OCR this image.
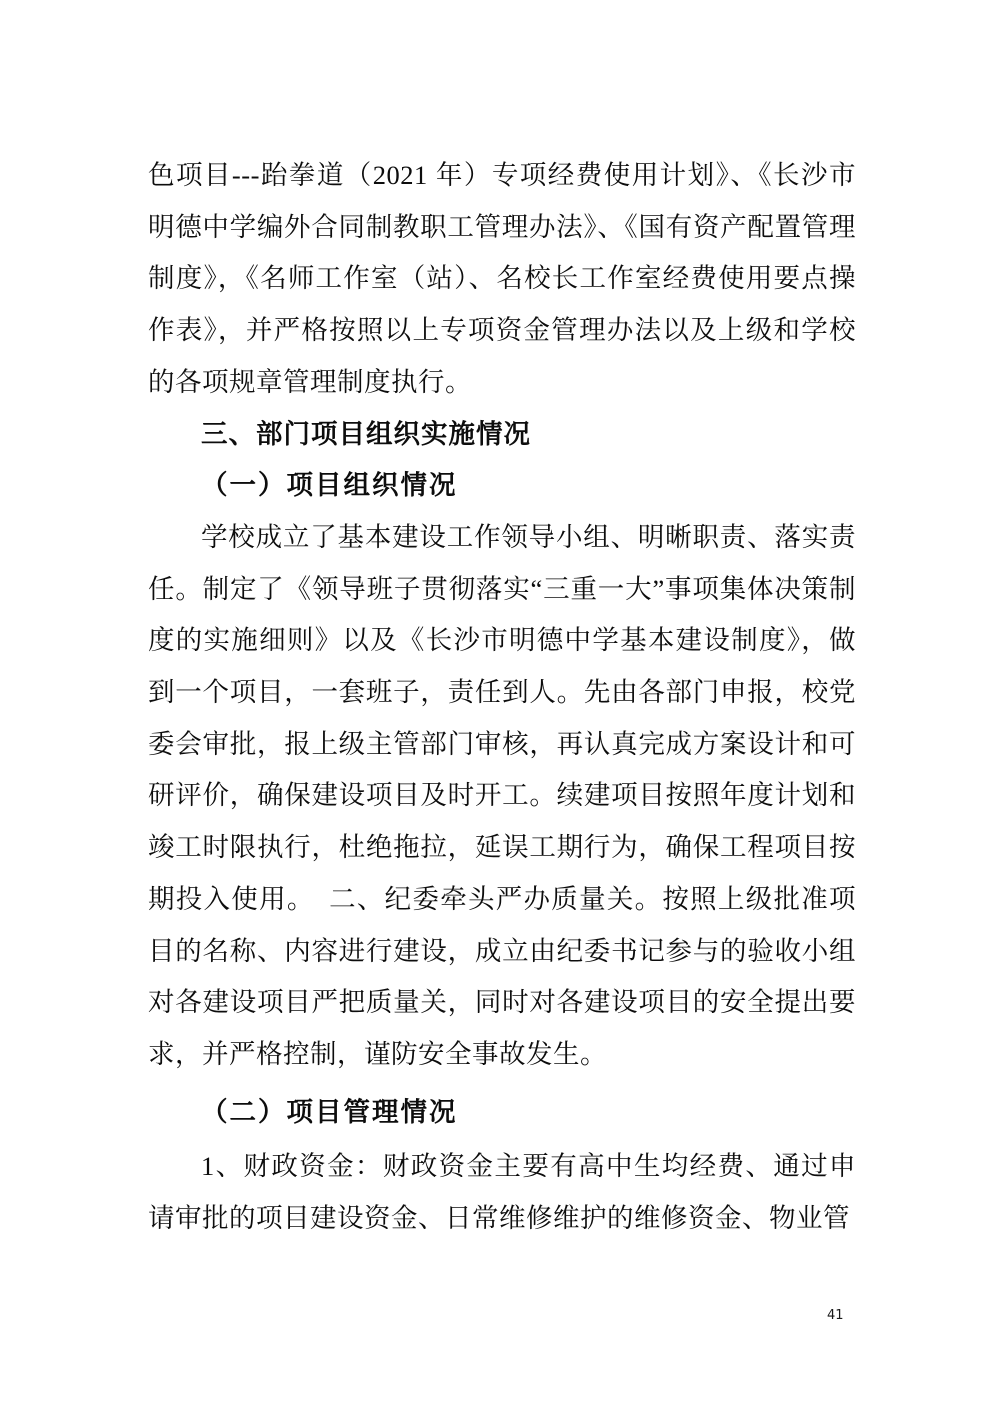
色项目---跆拳道（2021 年）专项经费使用计划》、《长沙市明德中学编外合同制教职工管理办法》、《国有资产配置管理制度》，《名师工作室（站）、名校长工作室经费使用要点操作表》，并严格按照以上专项资金管理办法以及上级和学校的各项规章管理制度执行。

三、部门项目组织实施情况
（一）项目组织情况

学校成立了基本建设工作领导小组、明晰职责、落实责任。制定了《领导班子贯彻落实“三重一大”事项集体决策制度的实施细则》以及《长沙市明德中学基本建设制度》，做到一个项目，一套班子，责任到人。先由各部门申报，校党委会审批，报上级主管部门审核，再认真完成方案设计和可研评价，确保建设项目及时开工。续建项目按照年度计划和竣工时限执行，杜绝拖拉，延误工期行为，确保工程项目按期投入使用。　二、纪委牵头严办质量关。按照上级批准项目的名称、内容进行建设，成立由纪委书记参与的验收小组对各建设项目严把质量关，同时对各建设项目的安全提出要求，并严格控制，谨防安全事故发生。

（二）项目管理情况

1、财政资金：财政资金主要有高中生均经费、通过申请审批的项目建设资金、日常维修维护的维修资金、物业管

41
